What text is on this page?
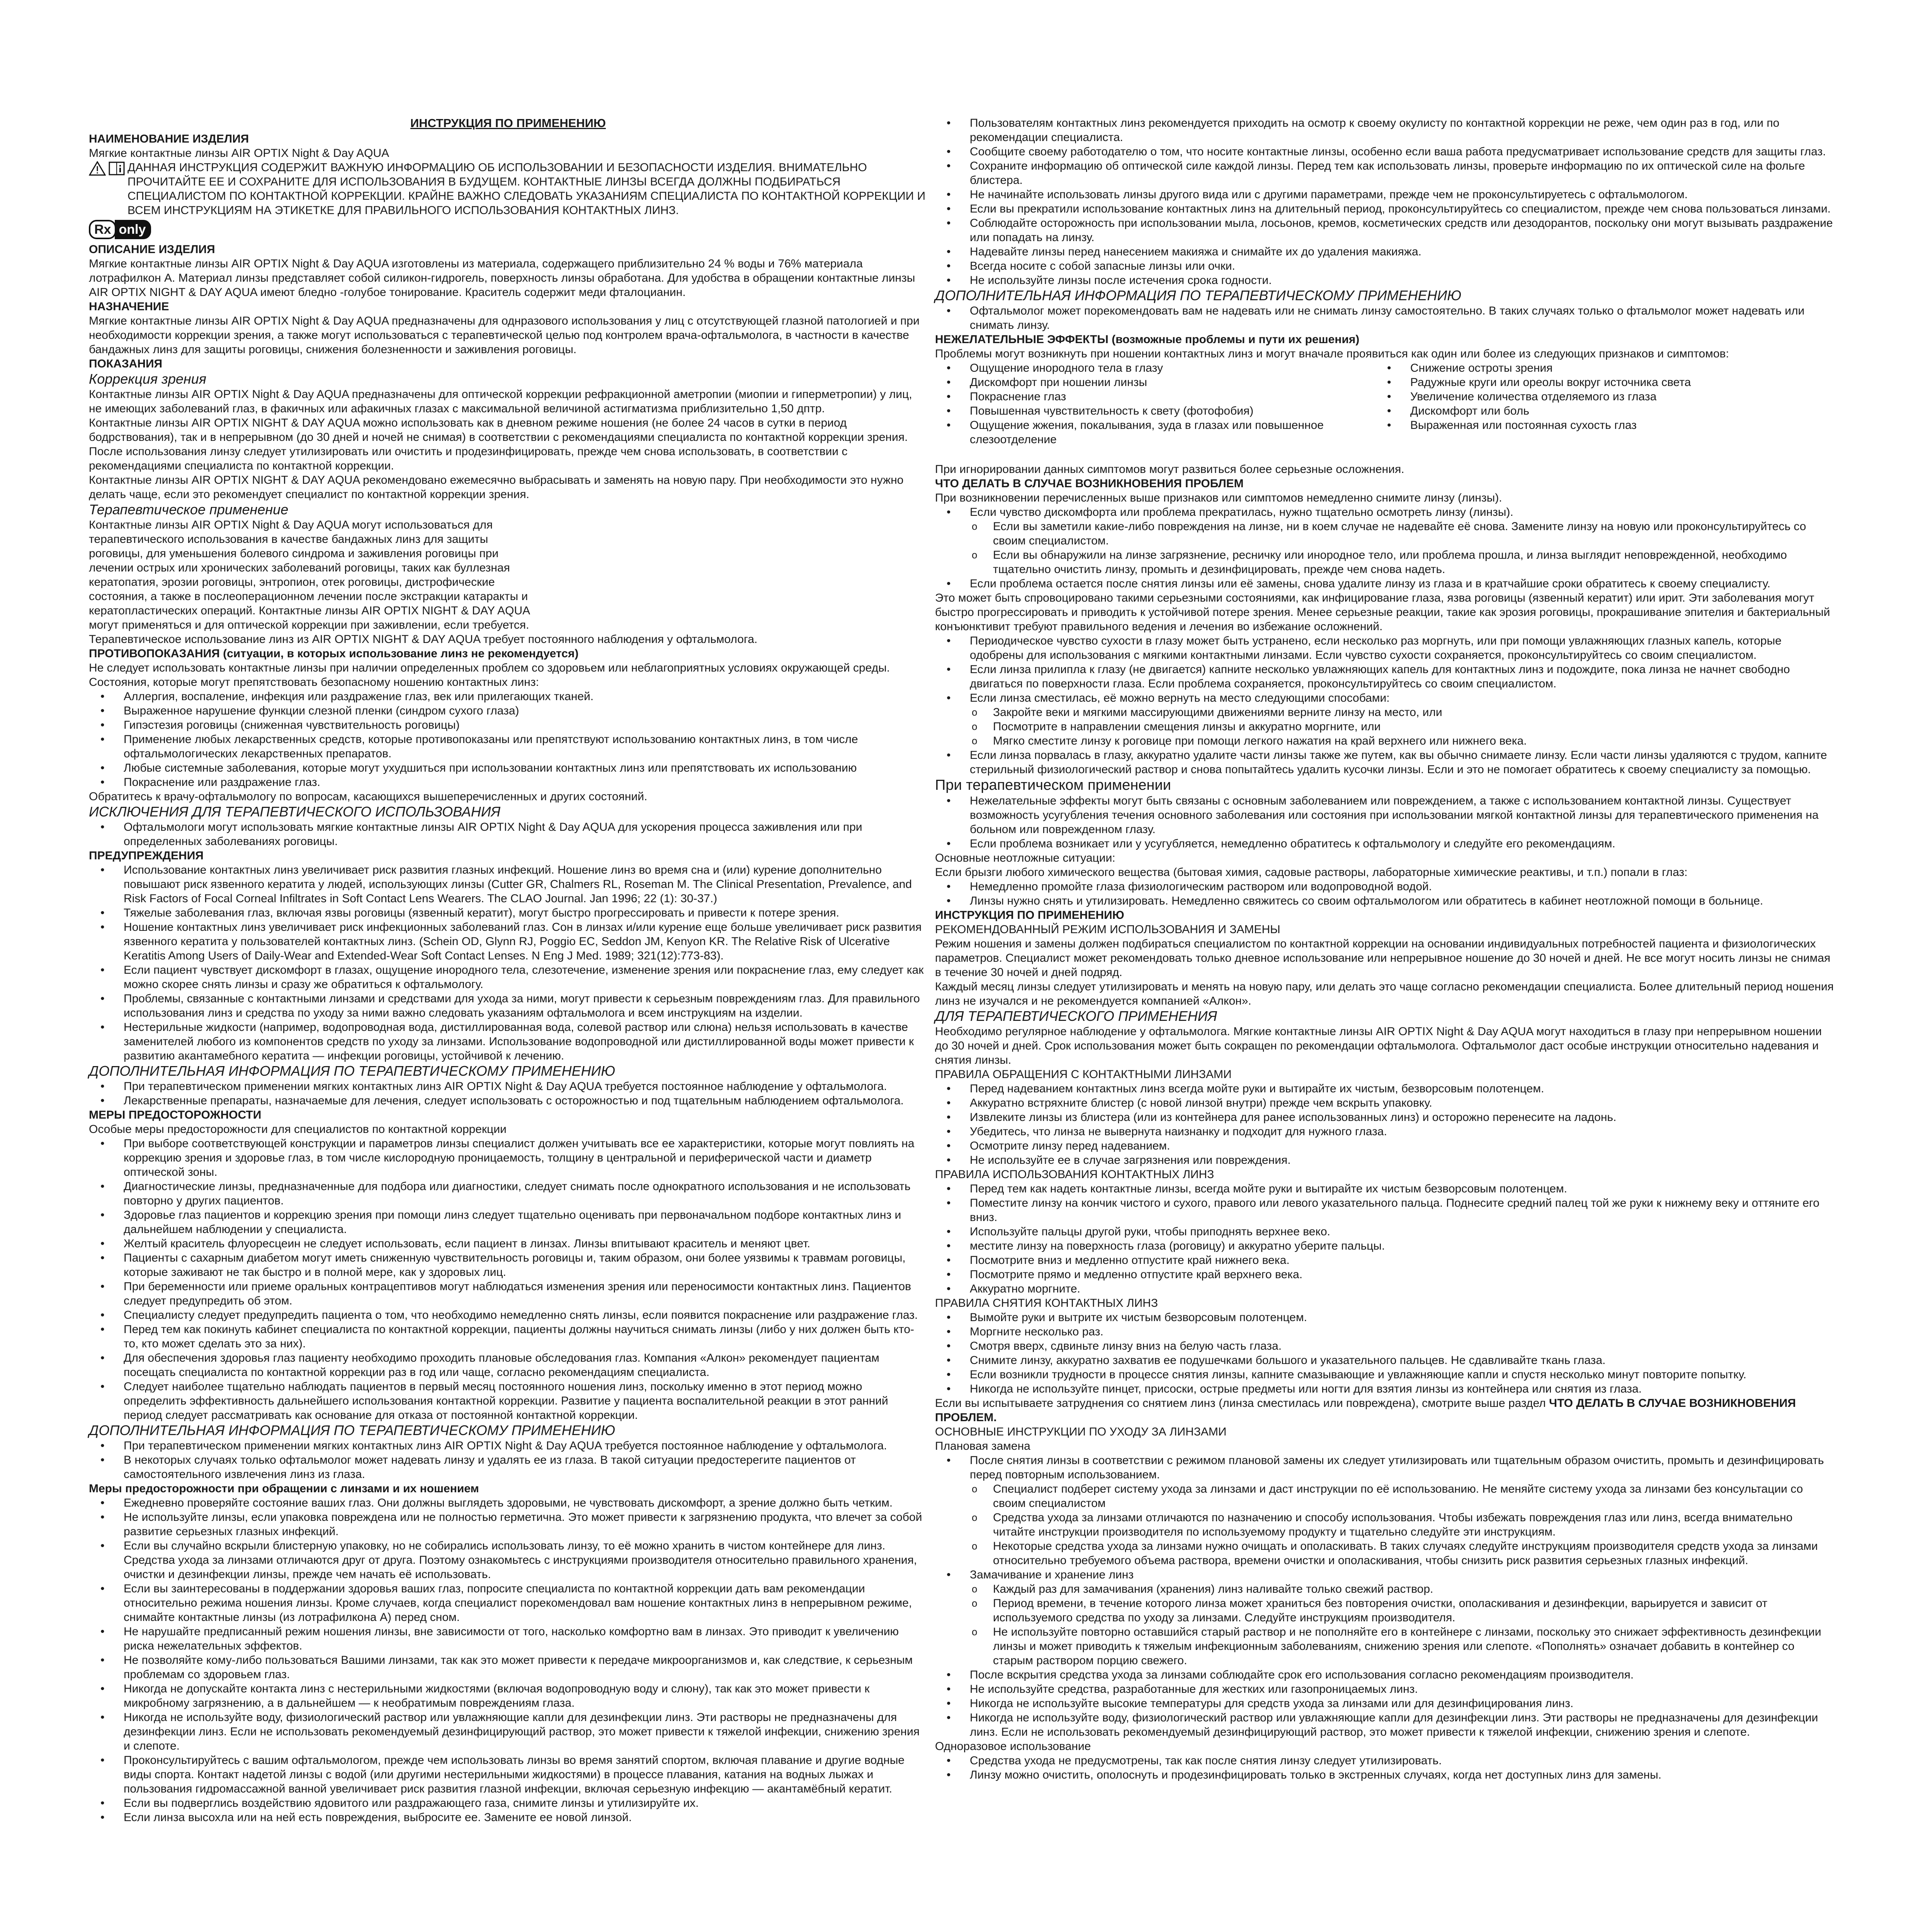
ИНСТРУКЦИЯ ПО ПРИМЕНЕНИЮ

НАИМЕНОВАНИЕ ИЗДЕЛИЯ

Мягкие контактные линзы AIR OPTIX Night & Day AQUA

ДАННАЯ ИНСТРУКЦИЯ СОДЕРЖИТ ВАЖНУЮ ИНФОРМАЦИЮ ОБ ИСПОЛЬЗОВАНИИ И БЕЗОПАСНОСТИ ИЗДЕЛИЯ. ВНИМАТЕЛЬНО ПРОЧИТАЙТЕ ЕЕ И СОХРАНИТЕ ДЛЯ ИСПОЛЬЗОВАНИЯ В БУДУЩЕМ. КОНТАКТНЫЕ ЛИНЗЫ ВСЕГДА ДОЛЖНЫ ПОДБИРАТЬСЯ СПЕЦИАЛИСТОМ ПО КОНТАКТНОЙ КОРРЕКЦИИ. КРАЙНЕ ВАЖНО СЛЕДОВАТЬ УКАЗАНИЯМ СПЕЦИАЛИСТА ПО КОНТАКТНОЙ КОРРЕКЦИИ И ВСЕМ ИНСТРУКЦИЯМ НА ЭТИКЕТКЕ ДЛЯ ПРАВИЛЬНОГО ИСПОЛЬЗОВАНИЯ КОНТАКТНЫХ ЛИНЗ.

Rx only

ОПИСАНИЕ ИЗДЕЛИЯ

Мягкие контактные линзы AIR OPTIX Night & Day AQUA изготовлены из материала, содержащего приблизительно 24 % воды и 76% материала лотрафилкон А. Материал линзы представляет собой силикон-гидрогель, поверхность линзы обработана. Для удобства в обращении контактные линзы AIR OPTIX NIGHT & DAY AQUA имеют бледно -голубое тонирование. Краситель содержит меди фталоцианин.

НАЗНАЧЕНИЕ

Мягкие контактные линзы AIR OPTIX Night & Day AQUA предназначены для однразового использования у лиц с отсутствующей глазной патологией и при необходимости коррекции зрения, а также могут использоваться с терапевтической целью под контролем врача-офтальмолога, в частности в качестве бандажных линз для защиты роговицы, снижения болезненности и заживления роговицы.

ПОКАЗАНИЯ

Коррекция зрения

Контактные линзы AIR OPTIX Night & Day AQUA предназначены для оптической коррекции рефракционной аметропии (миопии и гиперметропии) у лиц, не имеющих заболеваний глаз, в факичных или афакичных глазах с максимальной величиной астигматизма приблизительно 1,50 дптр.

Контактные линзы AIR OPTIX NIGHT & DAY AQUA можно использовать как в дневном режиме ношения (не более 24 часов в сутки в период бодрствования), так и в непрерывном (до 30 дней и ночей не снимая) в соответствии с рекомендациями специалиста по контактной коррекции зрения. После использования линзу следует утилизировать или очистить и продезинфицировать, прежде чем снова использовать, в соответствии с рекомендациями специалиста по контактной коррекции.

Контактные линзы AIR OPTIX NIGHT & DAY AQUA рекомендовано ежемесячно выбрасывать и заменять на новую пару. При необходимости это нужно делать чаще, если это рекомендует специалист по контактной коррекции зрения.

Терапевтическое применение

Контактные линзы AIR OPTIX Night & Day AQUA могут использоваться для терапевтического использования в качестве бандажных линз для защиты роговицы, для уменьшения болевого синдрома и заживления роговицы при лечении острых или хронических заболеваний роговицы, таких как буллезная кератопатия, эрозии роговицы, энтропион, отек роговицы, дистрофические состояния, а также в послеоперационном лечении после экстракции катаракты и кератопластических операций. Контактные линзы AIR OPTIX NIGHT & DAY AQUA могут применяться и для оптической коррекции при заживлении, если требуется.

Терапевтическое использование линз из AIR OPTIX NIGHT & DAY AQUA требует постоянного наблюдения у офтальмолога.

ПРОТИВОПОКАЗАНИЯ (ситуации, в которых использование линз не рекомендуется)

Не следует использовать контактные линзы при наличии определенных проблем со здоровьем или неблагоприятных условиях окружающей среды. Состояния, которые могут препятствовать безопасному ношению контактных линз:

• Аллергия, воспаление, инфекция или раздражение глаз, век или прилегающих тканей.
• Выраженное нарушение функции слезной пленки (синдром сухого глаза)
• Гипэстезия роговицы (сниженная чувствительность роговицы)
• Применение любых лекарственных средств, которые противопоказаны или препятствуют использованию контактных линз, в том числе офтальмологических лекарственных препаратов.
• Любые системные заболевания, которые могут ухудшиться при использовании контактных линз или препятствовать их использованию
• Покраснение или раздражение глаз.

Обратитесь к врачу-офтальмологу по вопросам, касающихся вышеперечисленных и других состояний.

ИСКЛЮЧЕНИЯ ДЛЯ ТЕРАПЕВТИЧЕСКОГО ИСПОЛЬЗОВАНИЯ

• Офтальмологи могут использовать мягкие контактные линзы AIR OPTIX Night & Day AQUA для ускорения процесса заживления или при определенных заболеваниях роговицы.

ПРЕДУПРЕЖДЕНИЯ

• Использование контактных линз увеличивает риск развития глазных инфекций. Ношение линз во время сна и (или) курение дополнительно повышают риск язвенного кератита у людей, использующих линзы (Cutter GR, Chalmers RL, Roseman M. The Clinical Presentation, Prevalence, and Risk Factors of Focal Corneal Infiltrates in Soft Contact Lens Wearers. The CLAO Journal. Jan 1996; 22 (1): 30-37.)
• Тяжелые заболевания глаз, включая язвы роговицы (язвенный кератит), могут быстро прогрессировать и привести к потере зрения.
• Ношение контактных линз увеличивает риск инфекционных заболеваний глаз. Сон в линзах и/или курение еще больше увеличивает риск развития язвенного кератита у пользователей контактных линз. (Schein OD, Glynn RJ, Poggio EC, Seddon JM, Kenyon KR. The Relative Risk of Ulcerative Keratitis Among Users of Daily-Wear and Extended-Wear Soft Contact Lenses. N Eng J Med. 1989; 321(12):773-83).
• Если пациент чувствует дискомфорт в глазах, ощущение инородного тела, слезотечение, изменение зрения или покраснение глаз, ему следует как можно скорее снять линзы и сразу же обратиться к офтальмологу.
• Проблемы, связанные с контактными линзами и средствами для ухода за ними, могут привести к серьезным повреждениям глаз. Для правильного использования линз и средства по уходу за ними важно следовать указаниям офтальмолога и всем инструкциям на изделии.
• Нестерильные жидкости (например, водопроводная вода, дистиллированная вода, солевой раствор или слюна) нельзя использовать в качестве заменителей любого из компонентов средств по уходу за линзами. Использование водопроводной или дистиллированной воды может привести к развитию акантамебного кератита — инфекции роговицы, устойчивой к лечению.

ДОПОЛНИТЕЛЬНАЯ ИНФОРМАЦИЯ ПО ТЕРАПЕВТИЧЕСКОМУ ПРИМЕНЕНИЮ

• При терапевтическом применении мягких контактных линз AIR OPTIX Night & Day AQUA требуется постоянное наблюдение у офтальмолога.
• Лекарственные препараты, назначаемые для лечения, следует использовать с осторожностью и под тщательным наблюдением офтальмолога.

МЕРЫ ПРЕДОСТОРОЖНОСТИ

Особые меры предосторожности для специалистов по контактной коррекции

• При выборе соответствующей конструкции и параметров линзы специалист должен учитывать все ее характеристики, которые могут повлиять на коррекцию зрения и здоровье глаз, в том числе кислородную проницаемость, толщину в центральной и периферической части и диаметр оптической зоны.
• Диагностические линзы, предназначенные для подбора или диагностики, следует снимать после однократного использования и не использовать повторно у других пациентов.
• Здоровье глаз пациентов и коррекцию зрения при помощи линз следует тщательно оценивать при первоначальном подборе контактных линз и дальнейшем наблюдении у специалиста.
• Желтый краситель флуоресцеин не следует использовать, если пациент в линзах. Линзы впитывают краситель и меняют цвет.
• Пациенты с сахарным диабетом могут иметь сниженную чувствительность роговицы и, таким образом, они более уязвимы к травмам роговицы, которые заживают не так быстро и в полной мере, как у здоровых лиц.
• При беременности или приеме оральных контрацептивов могут наблюдаться изменения зрения или переносимости контактных линз. Пациентов следует предупредить об этом.
• Специалисту следует предупредить пациента о том, что необходимо немедленно снять линзы, если появится покраснение или раздражение глаз.
• Перед тем как покинуть кабинет специалиста по контактной коррекции, пациенты должны научиться снимать линзы (либо у них должен быть кто-то, кто может сделать это за них).
• Для обеспечения здоровья глаз пациенту необходимо проходить плановые обследования глаз. Компания «Алкон» рекомендует пациентам посещать специалиста по контактной коррекции раз в год или чаще, согласно рекомендациям специалиста.
• Следует наиболее тщательно наблюдать пациентов в первый месяц постоянного ношения линз, поскольку именно в этот период можно определить эффективность дальнейшего использования контактной коррекции. Развитие у пациента воспалительной реакции в этот ранний период следует рассматривать как основание для отказа от постоянной контактной коррекции.

ДОПОЛНИТЕЛЬНАЯ ИНФОРМАЦИЯ ПО ТЕРАПЕВТИЧЕСКОМУ ПРИМЕНЕНИЮ

• При терапевтическом применении мягких контактных линз AIR OPTIX Night & Day AQUA требуется постоянное наблюдение у офтальмолога.
• В некоторых случаях только офтальмолог может надевать линзу и удалять ее из глаза. В такой ситуации предостерегите пациентов от самостоятельного извлечения линз из глаза.

Меры предосторожности при обращении с линзами и их ношением

• Ежедневно проверяйте состояние ваших глаз. Они должны выглядеть здоровыми, не чувствовать дискомфорт, а зрение должно быть четким.
• Не используйте линзы, если упаковка повреждена или не полностью герметична. Это может привести к загрязнению продукта, что влечет за собой развитие серьезных глазных инфекций.
• Если вы случайно вскрыли блистерную упаковку, но не собирались использовать линзу, то её можно хранить в чистом контейнере для линз. Средства ухода за линзами отличаются друг от друга. Поэтому ознакомьтесь с инструкциями производителя относительно правильного хранения, очистки и дезинфекции линзы, прежде чем начать её использовать.
• Если вы заинтересованы в поддержании здоровья ваших глаз, попросите специалиста по контактной коррекции дать вам рекомендации относительно режима ношения линзы. Кроме случаев, когда специалист порекомендовал вам ношение контактных линз в непрерывном режиме, снимайте контактные линзы (из лотрафилкона А) перед сном.
• Не нарушайте предписанный режим ношения линзы, вне зависимости от того, насколько комфортно вам в линзах. Это приводит к увеличению риска нежелательных эффектов.
• Не позволяйте кому-либо пользоваться Вашими линзами, так как это может привести к передаче микроорганизмов и, как следствие, к серьезным проблемам со здоровьем глаз.
• Никогда не допускайте контакта линз с нестерильными жидкостями (включая водопроводную воду и слюну), так как это может привести к микробному загрязнению, а в дальнейшем — к необратимым повреждениям глаза.
• Никогда не используйте воду, физиологический раствор или увлажняющие капли для дезинфекции линз. Эти растворы не предназначены для дезинфекции линз. Если не использовать рекомендуемый дезинфицирующий раствор, это может привести к тяжелой инфекции, снижению зрения и слепоте.
• Проконсультируйтесь с вашим офтальмологом, прежде чем использовать линзы во время занятий спортом, включая плавание и другие водные виды спорта. Контакт надетой линзы с водой (или другими нестерильными жидкостями) в процессе плавания, катания на водных лыжах и пользования гидромассажной ванной увеличивает риск развития глазной инфекции, включая серьезную инфекцию — акантамёбный кератит.
• Если вы подверглись воздействию ядовитого или раздражающего газа, снимите линзы и утилизируйте их.
• Если линза высохла или на ней есть повреждения, выбросите ее. Замените ее новой линзой.
• Пользователям контактных линз рекомендуется приходить на осмотр к своему окулисту по контактной коррекции не реже, чем один раз в год, или по рекомендации специалиста.
• Сообщите своему работодателю о том, что носите контактные линзы, особенно если ваша работа предусматривает использование средств для защиты глаз.
• Сохраните информацию об оптической силе каждой линзы. Перед тем как использовать линзы, проверьте информацию по их оптической силе на фольге блистера.
• Не начинайте использовать линзы другого вида или с другими параметрами, прежде чем не проконсультируетесь с офтальмологом.
• Если вы прекратили использование контактных линз на длительный период, проконсультируйтесь со специалистом, прежде чем снова пользоваться линзами.
• Соблюдайте осторожность при использовании мыла, лосьонов, кремов, косметических средств или дезодорантов, поскольку они могут вызывать раздражение или попадать на линзу.
• Надевайте линзы перед нанесением макияжа и снимайте их до удаления макияжа.
• Всегда носите с собой запасные линзы или очки.
• Не используйте линзы после истечения срока годности.

ДОПОЛНИТЕЛЬНАЯ ИНФОРМАЦИЯ ПО ТЕРАПЕВТИЧЕСКОМУ ПРИМЕНЕНИЮ

• Офтальмолог может порекомендовать вам не надевать или не снимать линзу самостоятельно. В таких случаях только о фтальмолог может надевать или снимать линзу.

НЕЖЕЛАТЕЛЬНЫЕ ЭФФЕКТЫ (возможные проблемы и пути их решения)

Проблемы могут возникнуть при ношении контактных линз и могут вначале проявиться как один или более из следующих признаков и симптомов:

• Ощущение инородного тела в глазу
• Дискомфорт при ношении линзы
• Покраснение глаз
• Повышенная чувствительность к свету (фотофобия)
• Ощущение жжения, покалывания, зуда в глазах или повышенное слезоотделение
• Снижение остроты зрения
• Радужные круги или ореолы вокруг источника света
• Увеличение количества отделяемого из глаза
• Дискомфорт или боль
• Выраженная или постоянная сухость глаз

При игнорировании данных симптомов могут развиться более серьезные осложнения.

ЧТО ДЕЛАТЬ В СЛУЧАЕ ВОЗНИКНОВЕНИЯ ПРОБЛЕМ

При возникновении перечисленных выше признаков или симптомов немедленно снимите линзу (линзы).

• Если чувство дискомфорта или проблема прекратилась, нужно тщательно осмотреть линзу (линзы).
o Если вы заметили какие-либо повреждения на линзе, ни в коем случае не надевайте её снова. Замените линзу на новую или проконсультируйтесь со своим специалистом.
o Если вы обнаружили на линзе загрязнение, ресничку или инородное тело, или проблема прошла, и линза выглядит неповрежденной, необходимо тщательно очистить линзу, промыть и дезинфицировать, прежде чем снова надеть.
• Если проблема остается после снятия линзы или её замены, снова удалите линзу из глаза и в кратчайшие сроки обратитесь к своему специалисту.

Это может быть спровоцировано такими серьезными состояниями, как инфицирование глаза, язва роговицы (язвенный кератит) или ирит. Эти заболевания могут быстро прогрессировать и приводить к устойчивой потере зрения. Менее серьезные реакции, такие как эрозия роговицы, прокрашивание эпителия и бактериальный конъюнктивит требуют правильного ведения и лечения во избежание осложнений.

• Периодическое чувство сухости в глазу может быть устранено, если несколько раз моргнуть, или при помощи увлажняющих глазных капель, которые одобрены для использования с мягкими контактными линзами. Если чувство сухости сохраняется, проконсультируйтесь со своим специалистом.
• Если линза прилипла к глазу (не двигается) капните несколько увлажняющих капель для контактных линз и подождите, пока линза не начнет свободно двигаться по поверхности глаза. Если проблема сохраняется, проконсультируйтесь со своим специалистом.
• Если линза сместилась, её можно вернуть на место следующими способами:
o Закройте веки и мягкими массирующими движениями верните линзу на место, или
o Посмотрите в направлении смещения линзы и аккуратно моргните, или
o Мягко сместите линзу к роговице при помощи легкого нажатия на край верхнего или нижнего века.
• Если линза порвалась в глазу, аккуратно удалите части линзы также же путем, как вы обычно снимаете линзу. Если части линзы удаляются с трудом, капните стерильный физиологический раствор и снова попытайтесь удалить кусочки линзы. Если и это не помогает обратитесь к своему специалисту за помощью.

При терапевтическом применении

• Нежелательные эффекты могут быть связаны с основным заболеванием или повреждением, а также с использованием контактной линзы. Существует возможность усугубления течения основного заболевания или состояния при использовании мягкой контактной линзы для терапевтического применения на больном или поврежденном глазу.
• Если проблема возникает или у усугубляется, немедленно обратитесь к офтальмологу и следуйте его рекомендациям.

Основные неотложные ситуации:

Если брызги любого химического вещества (бытовая химия, садовые растворы, лабораторные химические реактивы, и т.п.) попали в глаз:

• Немедленно промойте глаза физиологическим раствором или водопроводной водой.
• Линзы нужно снять и утилизировать. Немедленно свяжитесь со своим офтальмологом или обратитесь в кабинет неотложной помощи в больнице.

ИНСТРУКЦИЯ ПО ПРИМЕНЕНИЮ

РЕКОМЕНДОВАННЫЙ РЕЖИМ ИСПОЛЬЗОВАНИЯ И ЗАМЕНЫ

Режим ношения и замены должен подбираться специалистом по контактной коррекции на основании индивидуальных потребностей пациента и физиологических параметров. Специалист может рекомендовать только дневное использование или непрерывное ношение до 30 ночей и дней. Не все могут носить линзы не снимая в течение 30 ночей и дней подряд.

Каждый месяц линзы следует утилизировать и менять на новую пару, или делать это чаще согласно рекомендации специалиста. Более длительный период ношения линз не изучался и не рекомендуется компанией «Алкон».

ДЛЯ ТЕРАПЕВТИЧЕСКОГО ПРИМЕНЕНИЯ

Необходимо регулярное наблюдение у офтальмолога. Мягкие контактные линзы AIR OPTIX Night & Day AQUA могут находиться в глазу при непрерывном ношении до 30 ночей и дней. Срок использования может быть сокращен по рекомендации офтальмолога. Офтальмолог даст особые инструкции относительно надевания и снятия линзы.

ПРАВИЛА ОБРАЩЕНИЯ С КОНТАКТНЫМИ ЛИНЗАМИ

• Перед надеванием контактных линз всегда мойте руки и вытирайте их чистым, безворсовым полотенцем.
• Аккуратно встряхните блистер (с новой линзой внутри) прежде чем вскрыть упаковку.
• Извлеките линзы из блистера (или из контейнера для ранее использованных линз) и осторожно перенесите на ладонь.
• Убедитесь, что линза не вывернута наизнанку и подходит для нужного глаза.
• Осмотрите линзу перед надеванием.
• Не используйте ее в случае загрязнения или повреждения.

ПРАВИЛА ИСПОЛЬЗОВАНИЯ КОНТАКТНЫХ ЛИНЗ

• Перед тем как надеть контактные линзы, всегда мойте руки и вытирайте их чистым безворсовым полотенцем.
• Поместите линзу на кончик чистого и сухого, правого или левого указательного пальца. Поднесите средний палец той же руки к нижнему веку и оттяните его вниз.
• Используйте пальцы другой руки, чтобы приподнять верхнее веко.
• местите линзу на поверхность глаза (роговицу) и аккуратно уберите пальцы.
• Посмотрите вниз и медленно отпустите край нижнего века.
• Посмотрите прямо и медленно отпустите край верхнего века.
• Аккуратно моргните.

ПРАВИЛА СНЯТИЯ КОНТАКТНЫХ ЛИНЗ

• Вымойте руки и вытрите их чистым безворсовым полотенцем.
• Моргните несколько раз.
• Смотря вверх, сдвиньте линзу вниз на белую часть глаза.
• Снимите линзу, аккуратно захватив ее подушечками большого и указательного пальцев. Не сдавливайте ткань глаза.
• Если возникли трудности в процессе снятия линзы, капните смазывающие и увлажняющие капли и спустя несколько минут повторите попытку.
• Никогда не используйте пинцет, присоски, острые предметы или ногти для взятия линзы из контейнера или снятия из глаза.

Если вы испытываете затруднения со снятием линз (линза сместилась или повреждена), смотрите выше раздел ЧТО ДЕЛАТЬ В СЛУЧАЕ ВОЗНИКНОВЕНИЯ ПРОБЛЕМ.

ОСНОВНЫЕ ИНСТРУКЦИИ ПО УХОДУ ЗА ЛИНЗАМИ

Плановая замена

• После снятия линзы в соответствии с режимом плановой замены их следует утилизировать или тщательным образом очистить, промыть и дезинфицировать перед повторным использованием.
o Специалист подберет систему ухода за линзами и даст инструкции по её использованию. Не меняйте систему ухода за линзами без консультации со своим специалистом
o Средства ухода за линзами отличаются по назначению и способу использования. Чтобы избежать повреждения глаз или линз, всегда внимательно читайте инструкции производителя по используемому продукту и тщательно следуйте эти инструкциям.
o Некоторые средства ухода за линзами нужно очищать и ополаскивать. В таких случаях следуйте инструкциям производителя средств ухода за линзами относительно требуемого объема раствора, времени очистки и ополаскивания, чтобы снизить риск развития серьезных глазных инфекций.
• Замачивание и хранение линз
o Каждый раз для замачивания (хранения) линз наливайте только свежий раствор.
o Период времени, в течение которого линза может храниться без повторения очистки, ополаскивания и дезинфекции, варьируется и зависит от используемого средства по уходу за линзами. Следуйте инструкциям производителя.
o Не используйте повторно оставшийся старый раствор и не пополняйте его в контейнере с линзами, поскольку это снижает эффективность дезинфекции линзы и может приводить к тяжелым инфекционным заболеваниям, снижению зрения или слепоте. «Пополнять» означает добавить в контейнер со старым раствором порцию свежего.
• После вскрытия средства ухода за линзами соблюдайте срок его использования согласно рекомендациям производителя.
• Не используйте средства, разработанные для жестких или газопроницаемых линз.
• Никогда не используйте высокие температуры для средств ухода за линзами или для дезинфицирования линз.
• Никогда не используйте воду, физиологический раствор или увлажняющие капли для дезинфекции линз. Эти растворы не предназначены для дезинфекции линз. Если не использовать рекомендуемый дезинфицирующий раствор, это может привести к тяжелой инфекции, снижению зрения и слепоте.

Одноразовое использование

• Средства ухода не предусмотрены, так как после снятия линзу следует утилизировать.
• Линзу можно очистить, ополоснуть и продезинфицировать только в экстренных случаях, когда нет доступных линз для замены.
